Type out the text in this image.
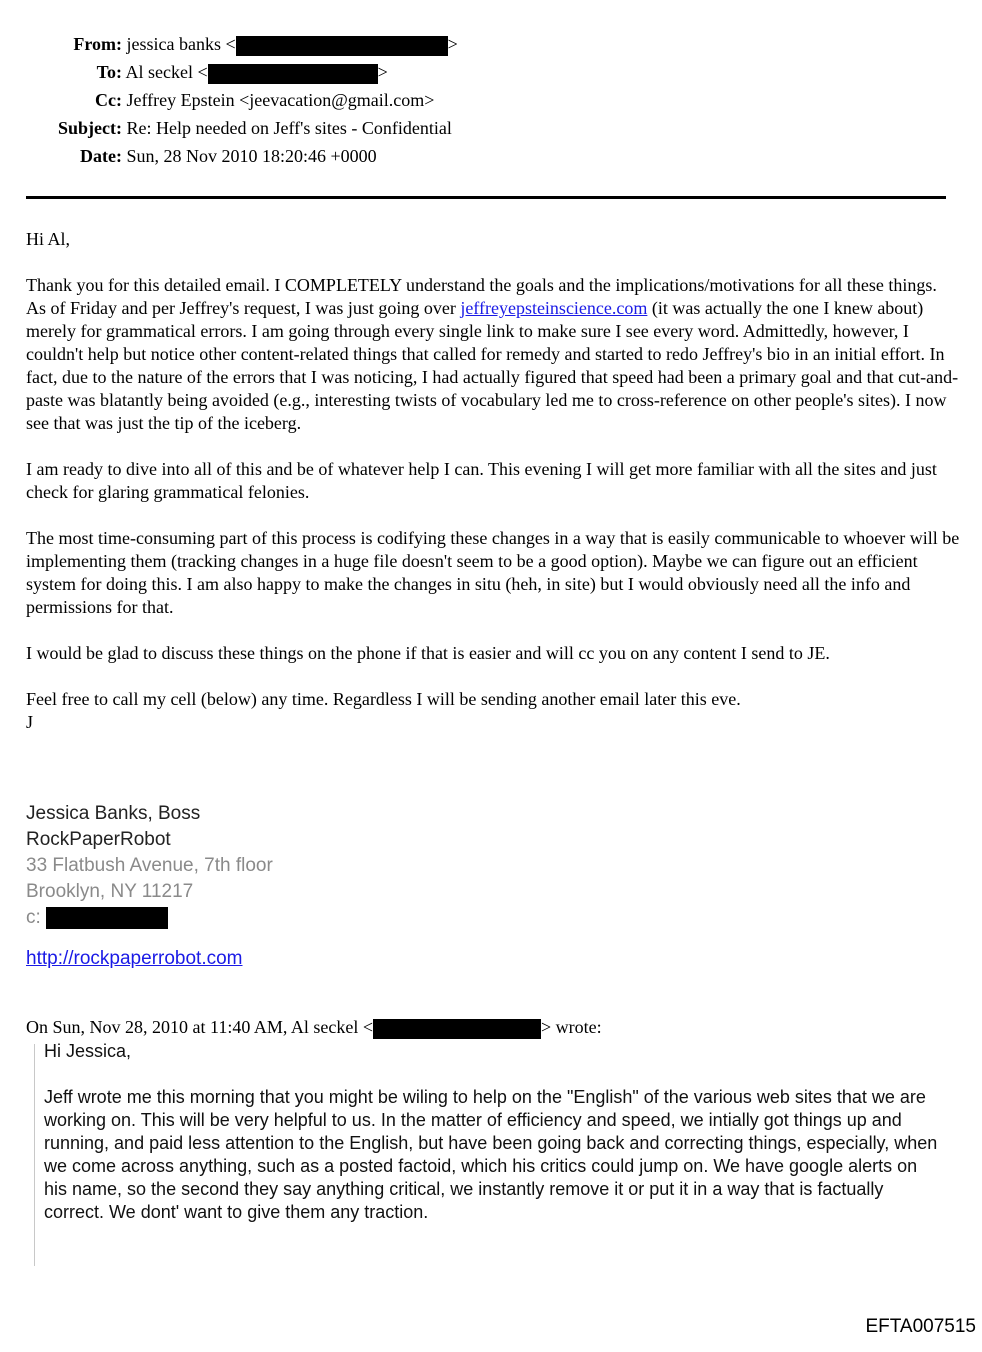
From: jessica banks <	>
To: Al seckel <	>
Cc: Jeffrey Epstein <jeevacation@gmail.com>
Subject: Re: Help needed on Jeff's sites - Confidential
Date: Sun, 28 Nov 2010 18:20:46 +0000

Hi Al,

Thank you for this detailed email. I COMPLETELY understand the goals and the implications/motivations for all these things.
As of Friday and per Jeffrey's request, I was just going over jeffreyepsteinscience.com (it was actually the one I knew about) merely for grammatical errors. I am going through every single link to make sure I see every word. Admittedly, however, I couldn't help but notice other content-related things that called for remedy and started to redo Jeffrey's bio in an initial effort. In fact, due to the nature of the errors that I was noticing, I had actually figured that speed had been a primary goal and that cut-and-paste was blatantly being avoided (e.g., interesting twists of vocabulary led me to cross-reference on other people's sites). I now see that was just the tip of the iceberg.

I am ready to dive into all of this and be of whatever help I can. This evening I will get more familiar with all the sites and just check for glaring grammatical felonies.

The most time-consuming part of this process is codifying these changes in a way that is easily communicable to whoever will be implementing them (tracking changes in a huge file doesn't seem to be a good option). Maybe we can figure out an efficient system for doing this. I am also happy to make the changes in situ (heh, in site) but I would obviously need all the info and permissions for that.

I would be glad to discuss these things on the phone if that is easier and will cc you on any content I send to JE.

Feel free to call my cell (below) any time. Regardless I will be sending another email later this eve.

J

Jessica Banks, Boss
RockPaperRobot
33 Flatbush Avenue, 7th floor
Brooklyn, NY 11217
c:
http://rockpaperrobot.com
On Sun, Nov 28, 2010 at 11:40 AM, Al seckel <	> wrote:

Hi Jessica,

Jeff wrote me this morning that you might be wiling to help on the "English" of the various web sites that we are working on. This will be very helpful to us. In the matter of efficiency and speed, we intially got things up and running, and paid less attention to the English, but have been going back and correcting things, especially, when we come across anything, such as a posted factoid, which his critics could jump on. We have google alerts on his name, so the second they say anything critical, we instantly remove it or put it in a way that is factually correct. We dont' want to give them any traction.

EFTA007515
